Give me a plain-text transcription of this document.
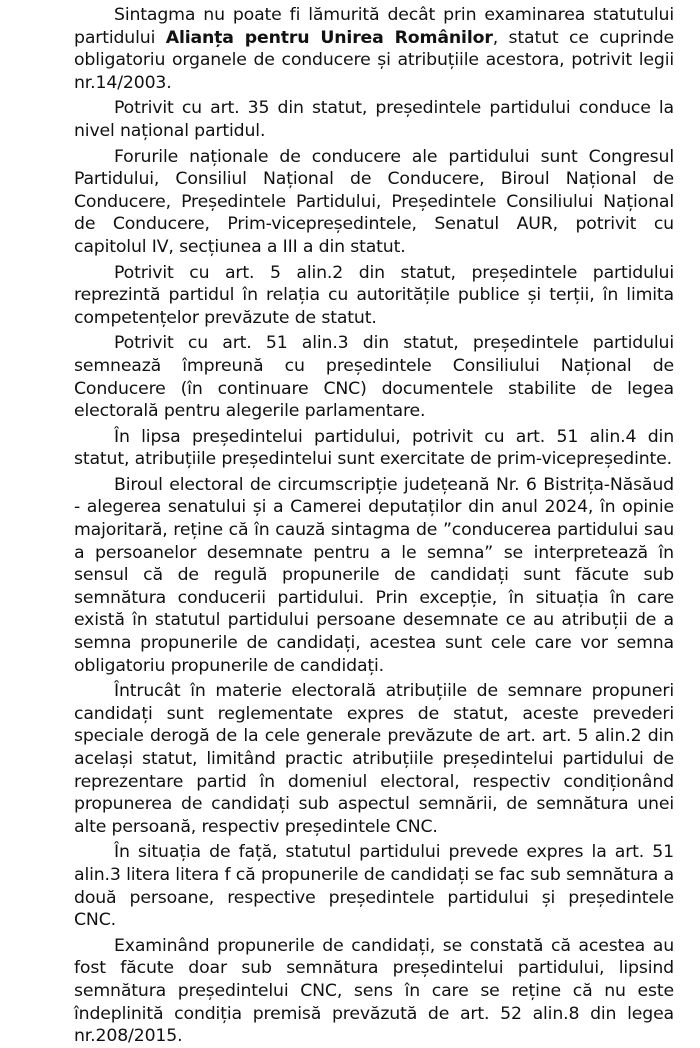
Sintagma nu poate fi lămurită decât prin examinarea statutului partidului Alianța pentru Unirea Românilor, statut ce cuprinde obligatoriu organele de conducere și atribuțiile acestora, potrivit legii nr.14/2003.

Potrivit cu art. 35 din statut, președintele partidului conduce la nivel național partidul.

Forurile naționale de conducere ale partidului sunt Congresul Partidului, Consiliul Național de Conducere, Biroul Național de Conducere, Președintele Partidului, Președintele Consiliului Național de Conducere, Prim-vicepreședintele, Senatul AUR, potrivit cu capitolul IV, secțiunea a III a din statut.

Potrivit cu art. 5 alin.2 din statut, președintele partidului reprezintă partidul în relația cu autoritățile publice și terții, în limita competențelor prevăzute de statut.

Potrivit cu art. 51 alin.3 din statut, președintele partidului semnează împreună cu președintele Consiliului Național de Conducere (în continuare CNC) documentele stabilite de legea electorală pentru alegerile parlamentare.

În lipsa președintelui partidului, potrivit cu art. 51 alin.4 din statut, atribuțiile președintelui sunt exercitate de prim-vicepreședinte.

Biroul electoral de circumscripție județeană Nr. 6 Bistrița-Năsăud - alegerea senatului și a Camerei deputaților din anul 2024, în opinie majoritară, reține că în cauză sintagma de ”conducerea partidului sau a persoanelor desemnate pentru a le semna” se interpretează în sensul că de regulă propunerile de candidați sunt făcute sub semnătura conducerii partidului. Prin excepție, în situația în care există în statutul partidului persoane desemnate ce au atribuții de a semna propunerile de candidați, acestea sunt cele care vor semna obligatoriu propunerile de candidați.

Întrucât în materie electorală atribuțiile de semnare propuneri candidați sunt reglementate expres de statut, aceste prevederi speciale derogă de la cele generale prevăzute de art. art. 5 alin.2 din același statut, limitând practic atribuțiile președintelui partidului de reprezentare partid în domeniul electoral, respectiv condiționând propunerea de candidați sub aspectul semnării, de semnătura unei alte persoană, respectiv președintele CNC.

În situația de față, statutul partidului prevede expres la art. 51 alin.3 litera litera f că propunerile de candidați se fac sub semnătura a două persoane, respective președintele partidului și președintele CNC.

Examinând propunerile de candidați, se constată că acestea au fost făcute doar sub semnătura președintelui partidului, lipsind semnătura președintelui CNC, sens în care se reține că nu este îndeplinită condiția premisă prevăzută de art. 52 alin.8 din legea nr.208/2015.
